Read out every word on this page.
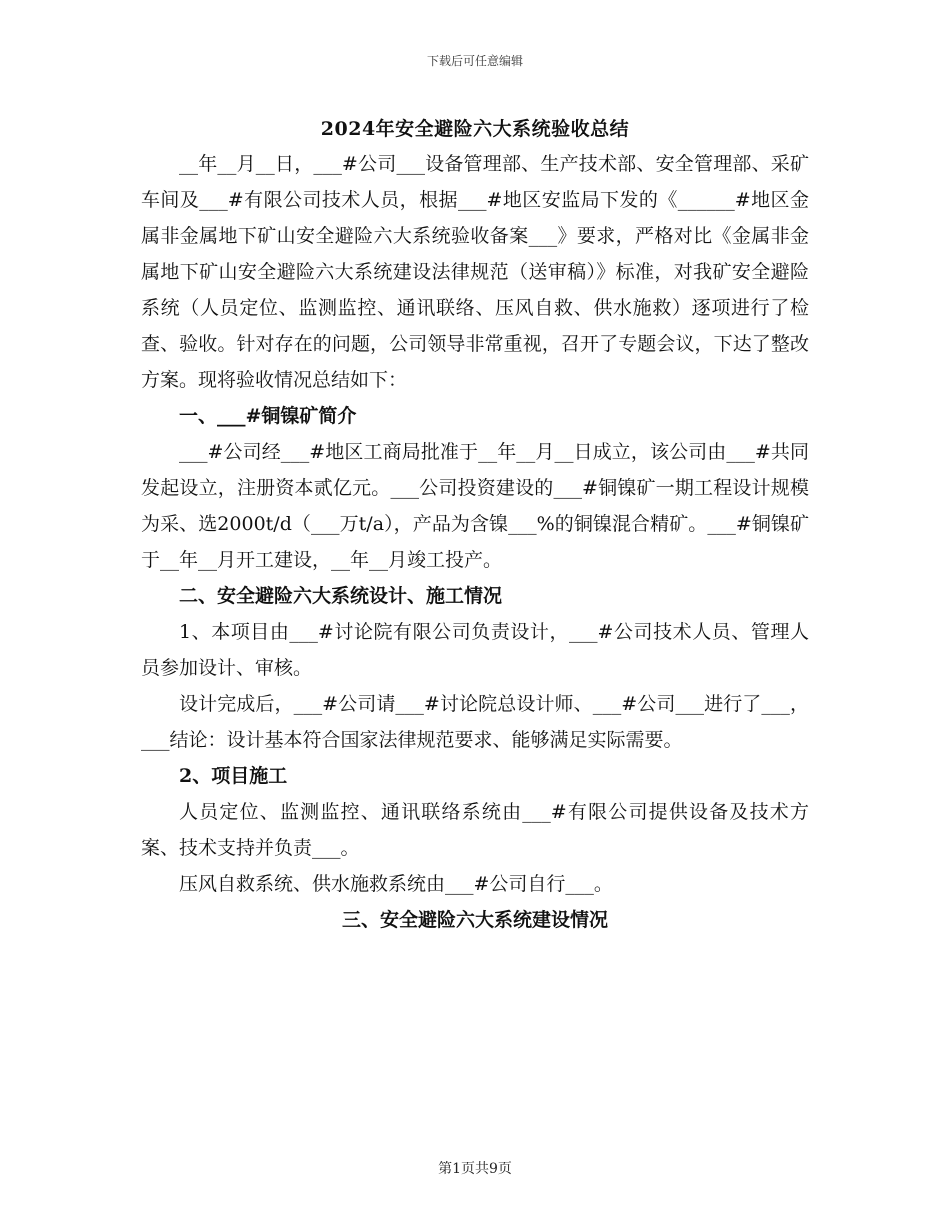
下载后可任意编辑
2024年安全避险六大系统验收总结

__年__月__日，___#公司___设备管理部、生产技术部、安全管理部、采矿车间及___#有限公司技术人员，根据___#地区安监局下发的《______#地区金属非金属地下矿山安全避险六大系统验收备案___》要求，严格对比《金属非金属地下矿山安全避险六大系统建设法律规范（送审稿）》标准，对我矿安全避险系统（人员定位、监测监控、通讯联络、压风自救、供水施救）逐项进行了检查、验收。针对存在的问题，公司领导非常重视，召开了专题会议，下达了整改方案。现将验收情况总结如下：

一、___#铜镍矿简介

___#公司经___#地区工商局批准于__年__月__日成立，该公司由___#共同发起设立，注册资本贰亿元。___公司投资建设的___#铜镍矿一期工程设计规模为采、选2000t/d（___万t/a），产品为含镍___%的铜镍混合精矿。___#铜镍矿于__年__月开工建设，__年__月竣工投产。

二、安全避险六大系统设计、施工情况

1、本项目由___#讨论院有限公司负责设计，___#公司技术人员、管理人员参加设计、审核。

设计完成后，___#公司请___#讨论院总设计师、___#公司___进行了___，___结论：设计基本符合国家法律规范要求、能够满足实际需要。

2、项目施工

人员定位、监测监控、通讯联络系统由___#有限公司提供设备及技术方案、技术支持并负责___。

压风自救系统、供水施救系统由___#公司自行___。

三、安全避险六大系统建设情况

第1页共9页
